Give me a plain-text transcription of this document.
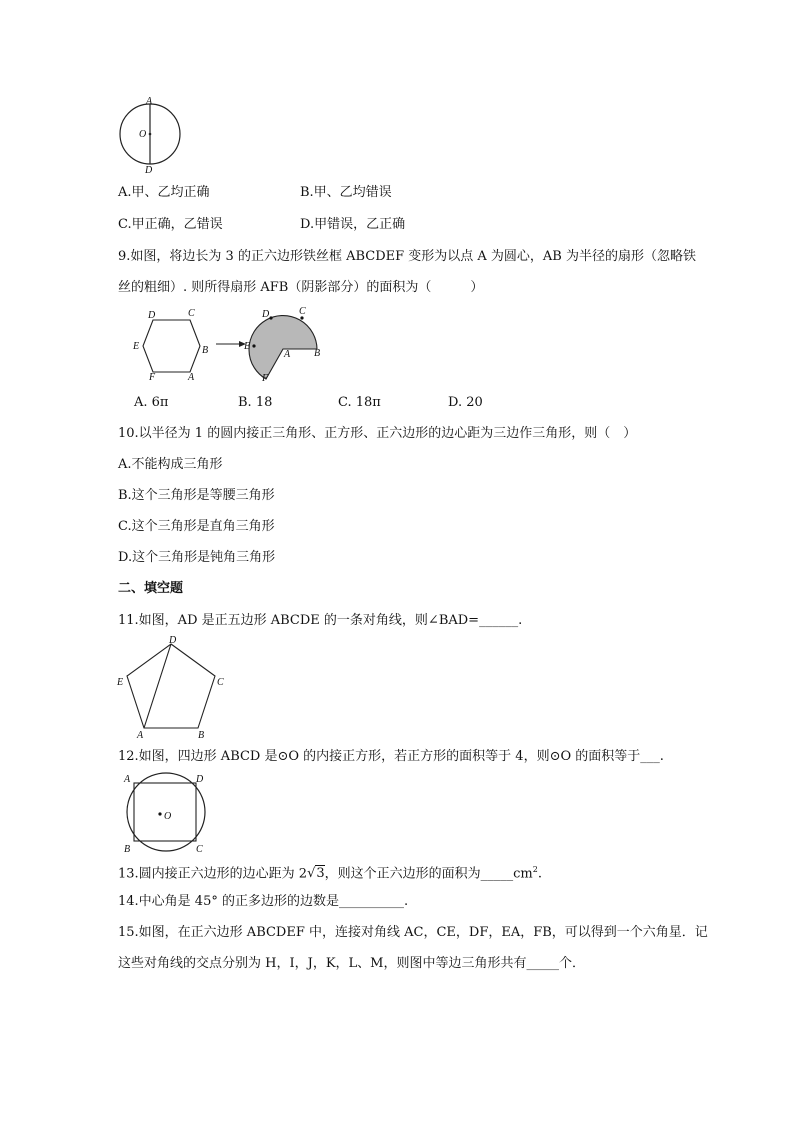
A
O
D
A.甲、乙均正确	B.甲、乙均错误
C.甲正确，乙错误	D.甲错误，乙正确
9.如图，将边长为 3 的正六边形铁丝框 ABCDEF 变形为以点 A 为圆心，AB 为半径的扇形（忽略铁
丝的粗细）. 则所得扇形 AFB（阴影部分）的面积为（　　　）
D	C
E	B
F	A
D	C
E
A B
F
A. 6π	B. 18	C. 18π	D. 20
10.以半径为 1 的圆内接正三角形、正方形、正六边形的边心距为三边作三角形，则（　）
A.不能构成三角形
B.这个三角形是等腰三角形
C.这个三角形是直角三角形
D.这个三角形是钝角三角形
二、填空题
11.如图，AD 是正五边形 ABCDE 的一条对角线，则∠BAD=______.
D
E	C
A	B
12.如图，四边形 ABCD 是⊙O 的内接正方形，若正方形的面积等于 4，则⊙O 的面积等于___.
A	D
B	C
O
13.圆内接正六边形的边心距为 2√3，则这个正六边形的面积为$\_\_\_\_\_cm^2$.
14.中心角是 45° 的正多边形的边数是__________.
15.如图，在正六边形 ABCDEF 中，连接对角线 AC，CE，DF，EA，FB，可以得到一个六角星．记
这些对角线的交点分别为 H，I，J，K，L、M，则图中等边三角形共有_____个．
